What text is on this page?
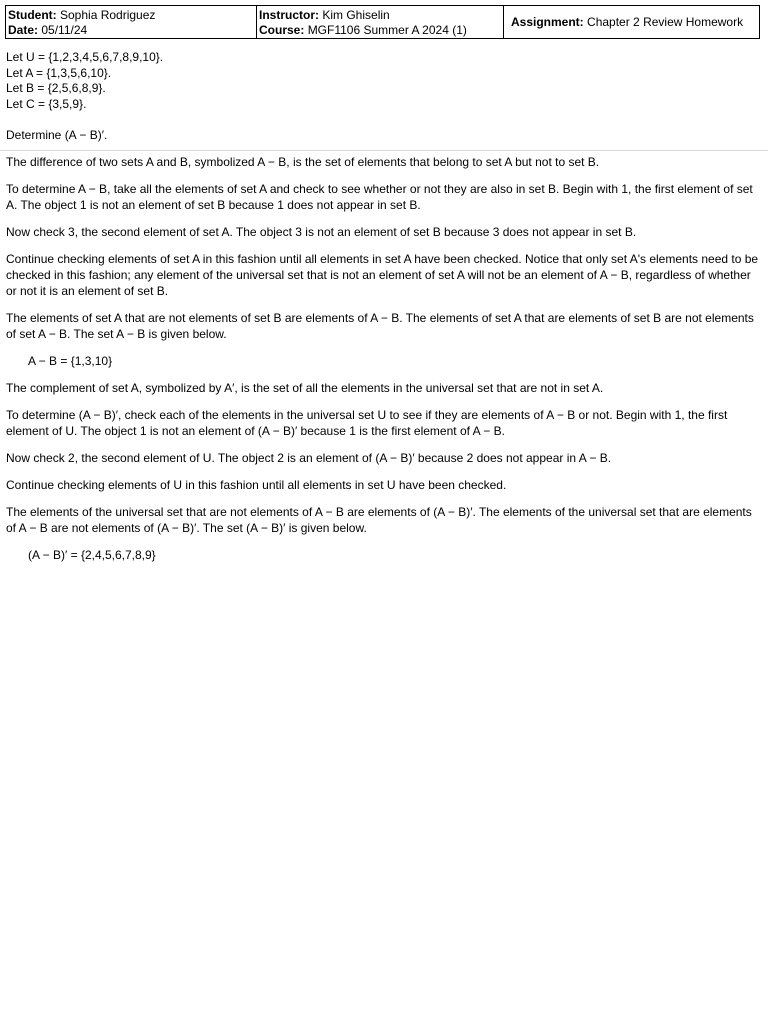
Student: Sophia Rodriguez
Date: 05/11/24
Instructor: Kim Ghiselin
Course: MGF1106 Summer A 2024 (1)
Assignment: Chapter 2 Review Homework
Let U = {1,2,3,4,5,6,7,8,9,10}.
Let A = {1,3,5,6,10}.
Let B = {2,5,6,8,9}.
Let C = {3,5,9}.
Determine (A − B)′.

The difference of two sets A and B, symbolized A − B, is the set of elements that belong to set A but not to set B.

To determine A − B, take all the elements of set A and check to see whether or not they are also in set B. Begin with 1, the first element of set A. The object 1 is not an element of set B because 1 does not appear in set B.

Now check 3, the second element of set A. The object 3 is not an element of set B because 3 does not appear in set B.

Continue checking elements of set A in this fashion until all elements in set A have been checked. Notice that only set A's elements need to be checked in this fashion; any element of the universal set that is not an element of set A will not be an element of A − B, regardless of whether or not it is an element of set B.

The elements of set A that are not elements of set B are elements of A − B. The elements of set A that are elements of set B are not elements of set A − B. The set A − B is given below.

A − B = {1,3,10}

The complement of set A, symbolized by A′, is the set of all the elements in the universal set that are not in set A.

To determine (A − B)′, check each of the elements in the universal set U to see if they are elements of A − B or not. Begin with 1, the first element of U. The object 1 is not an element of (A − B)′ because 1 is the first element of A − B.

Now check 2, the second element of U. The object 2 is an element of (A − B)′ because 2 does not appear in A − B.

Continue checking elements of U in this fashion until all elements in set U have been checked.

The elements of the universal set that are not elements of A − B are elements of (A − B)′. The elements of the universal set that are elements of A − B are not elements of (A − B)′. The set (A − B)′ is given below.

(A − B)′ = {2,4,5,6,7,8,9}
